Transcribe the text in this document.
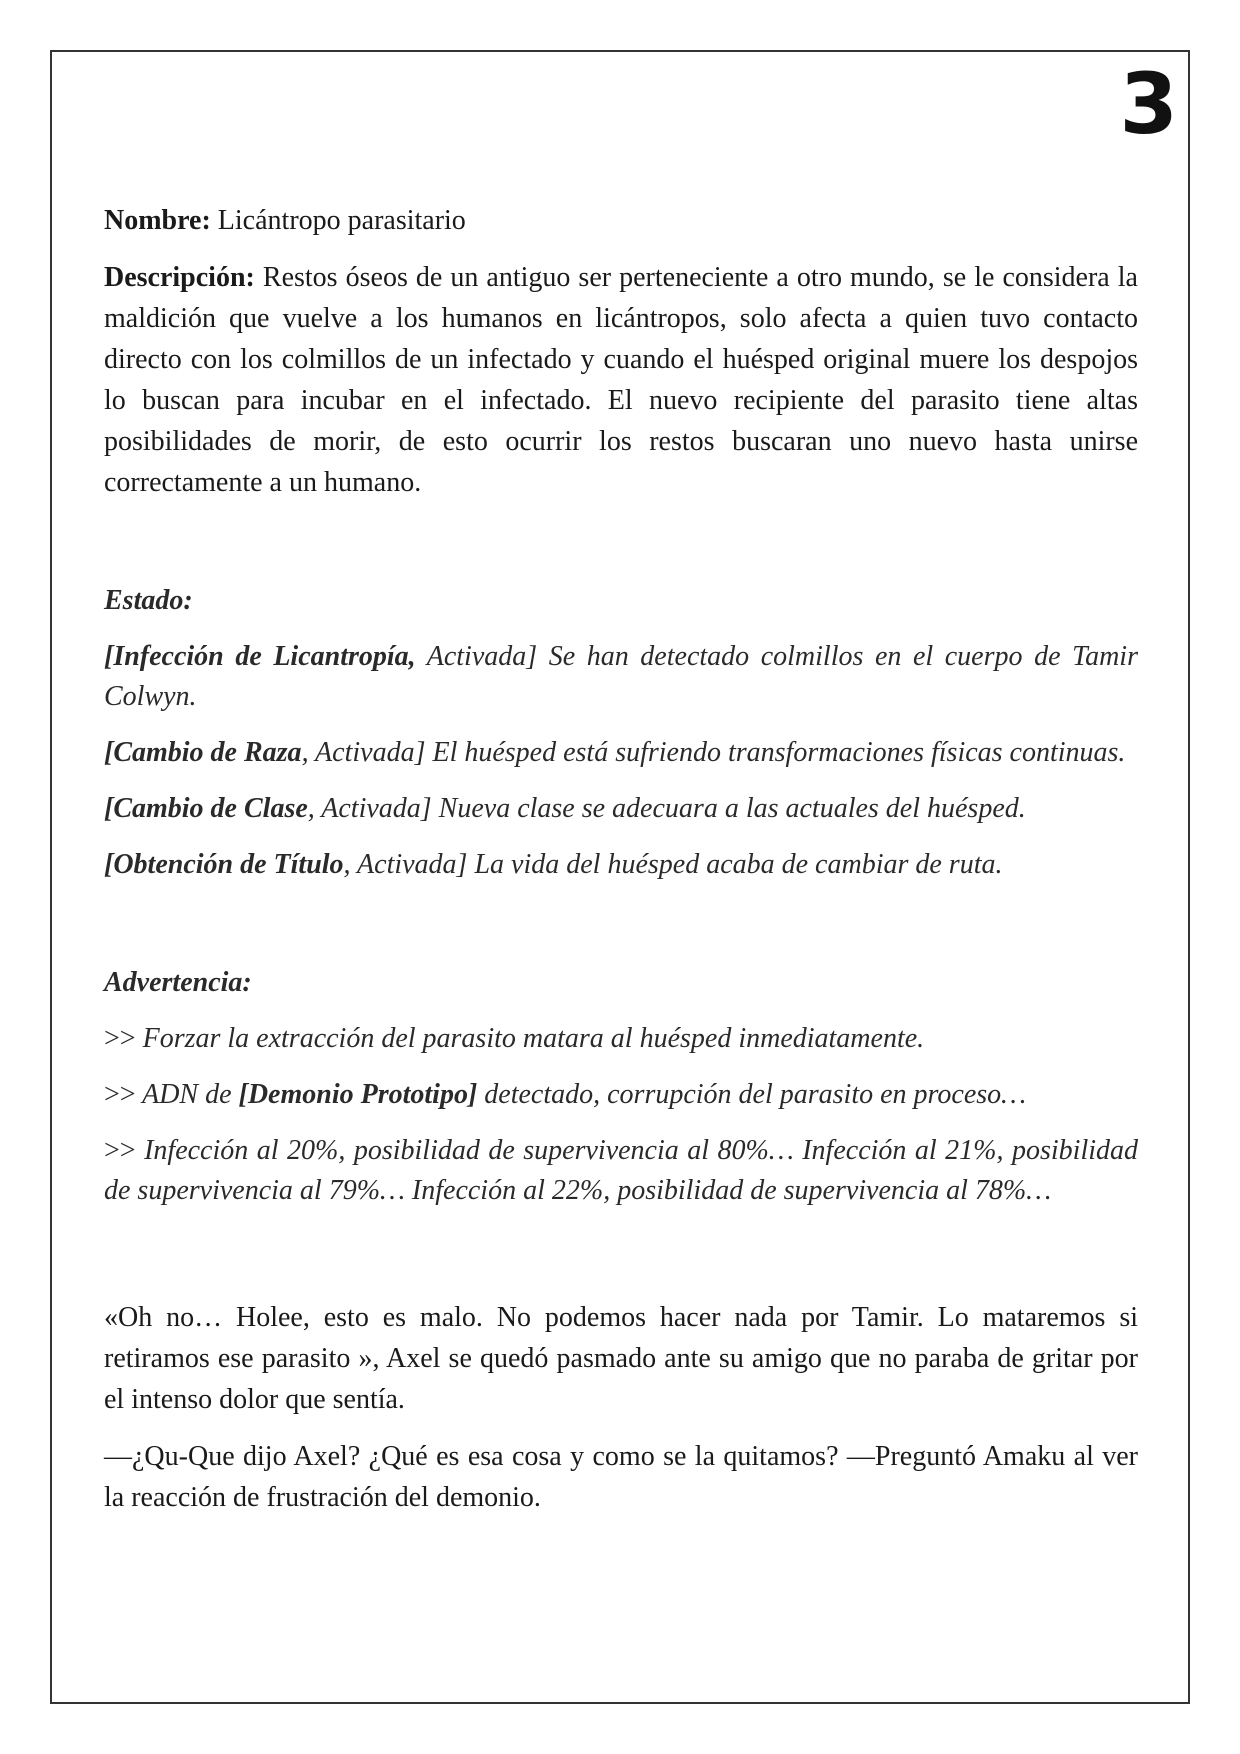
3

Nombre: Licántropo parasitario

Descripción: Restos óseos de un antiguo ser perteneciente a otro mundo, se le considera la maldición que vuelve a los humanos en licántropos, solo afecta a quien tuvo contacto directo con los colmillos de un infectado y cuando el huésped original muere los despojos lo buscan para incubar en el infectado. El nuevo recipiente del parasito tiene altas posibilidades de morir, de esto ocurrir los restos buscaran uno nuevo hasta unirse correctamente a un humano.

Estado:

[Infección de Licantropía, Activada] Se han detectado colmillos en el cuerpo de Tamir Colwyn.

[Cambio de Raza, Activada] El huésped está sufriendo transformaciones físicas continuas.

[Cambio de Clase, Activada] Nueva clase se adecuara a las actuales del huésped.

[Obtención de Título, Activada] La vida del huésped acaba de cambiar de ruta.

Advertencia:

>> Forzar la extracción del parasito matara al huésped inmediatamente.

>> ADN de [Demonio Prototipo] detectado, corrupción del parasito en proceso…

>> Infección al 20%, posibilidad de supervivencia al 80%… Infección al 21%, posibilidad de supervivencia al 79%… Infección al 22%, posibilidad de supervivencia al 78%…

«Oh no… Holee, esto es malo. No podemos hacer nada por Tamir. Lo mataremos si retiramos ese parasito », Axel se quedó pasmado ante su amigo que no paraba de gritar por el intenso dolor que sentía.

—¿Qu-Que dijo Axel? ¿Qué es esa cosa y como se la quitamos? —Preguntó Amaku al ver la reacción de frustración del demonio.
